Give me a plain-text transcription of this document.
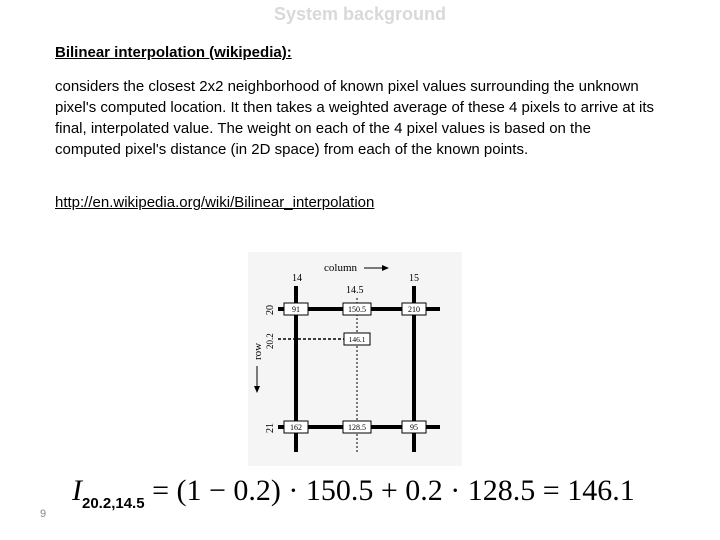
System background
Bilinear interpolation (wikipedia):
considers the closest 2x2 neighborhood of known pixel values surrounding the unknown pixel's computed location. It then takes a weighted average of these 4 pixels to arrive at its final, interpolated value. The weight on each of the 4 pixel values is based on the computed pixel's distance (in 2D space) from each of the known points.
http://en.wikipedia.org/wiki/Bilinear_interpolation
column
row
14
14.5
15
20
20.2
21
91	150.5	210
146.1
162	128.5	95
$I_{20.2,14.5} = (1 - 0.2) \cdot 150.5 + 0.2 \cdot 128.5 = 146.1$
9
